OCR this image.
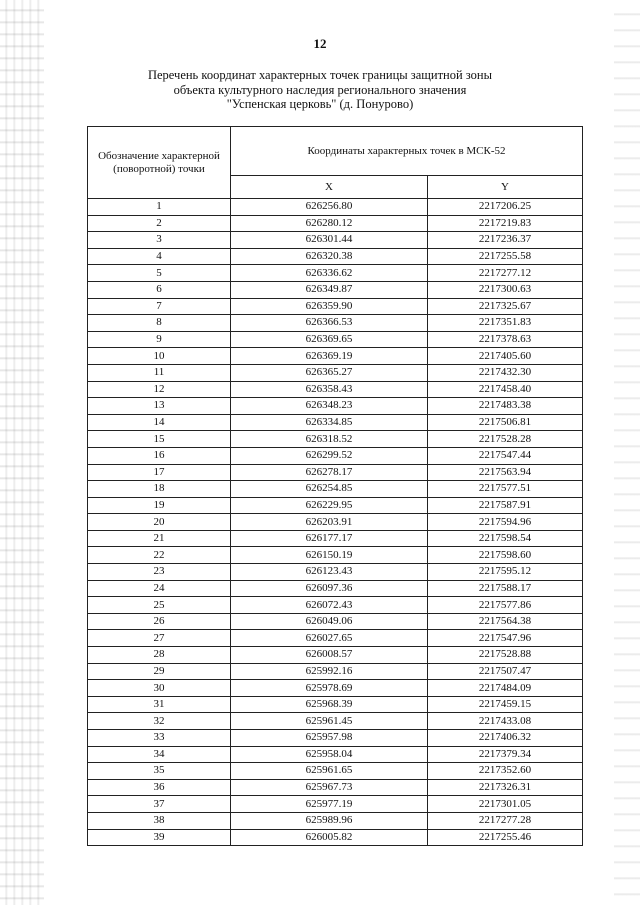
12
Перечень координат характерных точек границы защитной зоны
объекта культурного наследия регионального значения
"Успенская церковь" (д. Понурово)
Обозначение характерной (поворотной) точки	Координаты характерных точек в МСК-52	
	X	Y
1	626256.80	2217206.25
2	626280.12	2217219.83
3	626301.44	2217236.37
4	626320.38	2217255.58
5	626336.62	2217277.12
6	626349.87	2217300.63
7	626359.90	2217325.67
8	626366.53	2217351.83
9	626369.65	2217378.63
10	626369.19	2217405.60
11	626365.27	2217432.30
12	626358.43	2217458.40
13	626348.23	2217483.38
14	626334.85	2217506.81
15	626318.52	2217528.28
16	626299.52	2217547.44
17	626278.17	2217563.94
18	626254.85	2217577.51
19	626229.95	2217587.91
20	626203.91	2217594.96
21	626177.17	2217598.54
22	626150.19	2217598.60
23	626123.43	2217595.12
24	626097.36	2217588.17
25	626072.43	2217577.86
26	626049.06	2217564.38
27	626027.65	2217547.96
28	626008.57	2217528.88
29	625992.16	2217507.47
30	625978.69	2217484.09
31	625968.39	2217459.15
32	625961.45	2217433.08
33	625957.98	2217406.32
34	625958.04	2217379.34
35	625961.65	2217352.60
36	625967.73	2217326.31
37	625977.19	2217301.05
38	625989.96	2217277.28
39	626005.82	2217255.46
